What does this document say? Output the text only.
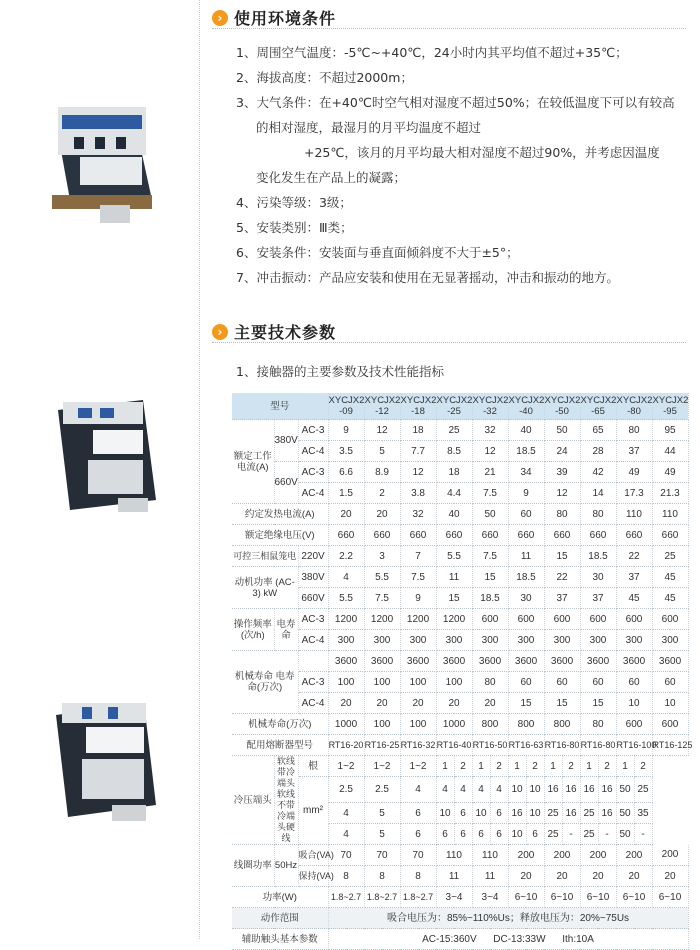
› 使用环境条件
1、周围空气温度：-5℃~+40℃，24小时内其平均值不超过+35℃；
2、海拔高度：不超过2000m；
3、大气条件：在+40℃时空气相对湿度不超过50%；在较低温度下可以有较高
的相对湿度，最湿月的月平均温度不超过
+25℃，该月的月平均最大相对湿度不超过90%，并考虑因温度
变化发生在产品上的凝露；
4、污染等级：3级；
5、安装类别：Ⅲ类；
6、安装条件：安装面与垂直面倾斜度不大于±5°；
7、冲击振动：产品应安装和使用在无显著摇动，冲击和振动的地方。
› 主要技术参数
1、接触器的主要参数及技术性能指标
型号			XYCJX2 -09	XYCJX2 -12	XYCJX2 -18	XYCJX2 -25		XYCJX2 -32		XYCJX2 -40		XYCJX2 -50		XYCJX2 -65		XYCJX2 -80		XYCJX2 -95
额定工作电流(A)	380V	AC-3	9	12	18	25		32		40		50		65		80		95
		AC-4	3.5	5	7.7	8.5		12		18.5		24		28		37		44
	660V	AC-3	6.6	8.9	12	18		21		34		39		42		49		49
		AC-4	1.5	2	3.8	4.4		7.5		9		12		14		17.3		21.3
约定发热电流(A)			20	20	32	40		50		60		80		80		110		110
额定绝缘电压(V)			660	660	660	660		660		660		660		660		660		660
可控三相鼠笼电		220V	2.2	3	7	5.5		7.5		11		15		18.5		22		25
动机功率 (AC-3) kW		380V	4	5.5	7.5	11		15		18.5		22		30		37		45
		660V	5.5	7.5	9	15		18.5		30		37		37		45		45
操作频率(次/h)	电寿命	AC-3	1200	1200	1200	1200		600		600		600		600		600		600
		AC-4	300	300	300	300		300		300		300		300		300		300
机械寿命 电寿命(万次)			3600	3600	3600	3600		3600		3600		3600		3600		3600		3600
		AC-3	100	100	100	100		80		60		60		60		60		60
		AC-4	20	20	20	20		20		15		15		15		10		10
机械寿命(万次)			1000	100	100	1000		800		800		800		80		600		600
配用熔断器型号			RT16-20	RT16-25	RT16-32	RT16-40		RT16-50		RT16-63		RT16-80		RT16-80		RT16-100		RT16-125
冷压端头	软线带冷端头软线不带冷端头硬线	根	1~2	1~2	1~2	1	2	1	2	1	2	1	2	1	2	1	2	
		mm²	2.5	2.5	4	4	4	4	4	10	10	16	16	16	16	50	25	
			4	5	6	10	6	10	6	16	10	25	16	25	16	50	35	
			4	5	6	6	6	6	6	10	6	25	-	25	-	50	-	
线圈功率	50Hz	吸合(VA)	70	70	70	110		110		200		200		200		200		200
		保持(VA)	8	8	8	11		11		20		20		20		20		20
功率(W)			1.8~2.7	1.8~2.7	1.8~2.7	3~4		3~4		6~10		6~10		6~10		6~10		6~10
动作范围			吸合电压为：85%~110%Us；释放电压为：20%~75Us															
辅助触头基本参数			AC-15:360V      DC-13:33W      Ith:10A															
